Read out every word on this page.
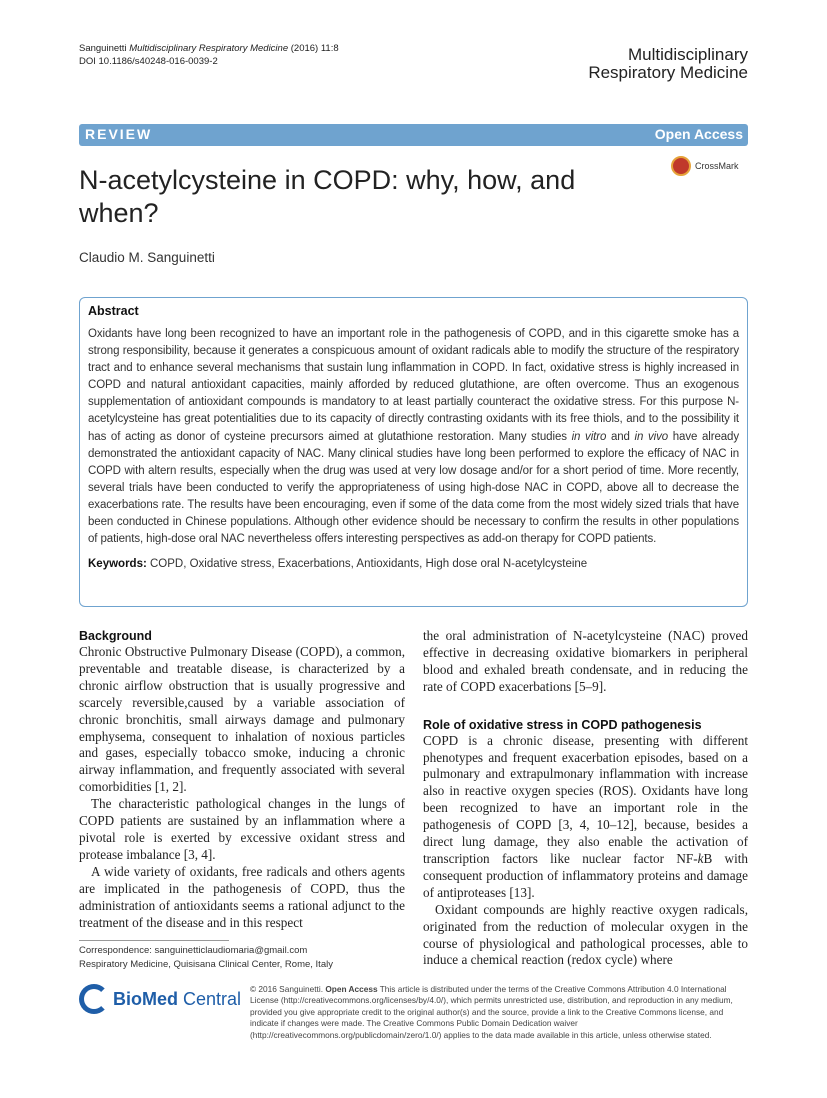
Sanguinetti Multidisciplinary Respiratory Medicine (2016) 11:8
DOI 10.1186/s40248-016-0039-2	Multidisciplinary
Respiratory Medicine
REVIEW	Open Access
CrossMark
N-acetylcysteine in COPD: why, how, and when?
Claudio M. Sanguinetti
Abstract

Oxidants have long been recognized to have an important role in the pathogenesis of COPD, and in this cigarette smoke has a strong responsibility, because it generates a conspicuous amount of oxidant radicals able to modify the structure of the respiratory tract and to enhance several mechanisms that sustain lung inflammation in COPD. In fact, oxidative stress is highly increased in COPD and natural antioxidant capacities, mainly afforded by reduced glutathione, are often overcome. Thus an exogenous supplementation of antioxidant compounds is mandatory to at least partially counteract the oxidative stress. For this purpose N-acetylcysteine has great potentialities due to its capacity of directly contrasting oxidants with its free thiols, and to the possibility it has of acting as donor of cysteine precursors aimed at glutathione restoration. Many studies in vitro and in vivo have already demonstrated the antioxidant capacity of NAC. Many clinical studies have long been performed to explore the efficacy of NAC in COPD with altern results, especially when the drug was used at very low dosage and/or for a short period of time. More recently, several trials have been conducted to verify the appropriateness of using high-dose NAC in COPD, above all to decrease the exacerbations rate. The results have been encouraging, even if some of the data come from the most widely sized trials that have been conducted in Chinese populations. Although other evidence should be necessary to confirm the results in other populations of patients, high-dose oral NAC nevertheless offers interesting perspectives as add-on therapy for COPD patients.

Keywords: COPD, Oxidative stress, Exacerbations, Antioxidants, High dose oral N-acetylcysteine
Background

Chronic Obstructive Pulmonary Disease (COPD), a common, preventable and treatable disease, is characterized by a chronic airflow obstruction that is usually progressive and scarcely reversible,caused by a variable association of chronic bronchitis, small airways damage and pulmonary emphysema, consequent to inhalation of noxious particles and gases, especially tobacco smoke, inducing a chronic airway inflammation, and frequently associated with several comorbidities [1, 2].

The characteristic pathological changes in the lungs of COPD patients are sustained by an inflammation where a pivotal role is exerted by excessive oxidant stress and protease imbalance [3, 4].

A wide variety of oxidants, free radicals and others agents are implicated in the pathogenesis of COPD, thus the administration of antioxidants seems a rational adjunct to the treatment of the disease and in this respect

the oral administration of N-acetylcysteine (NAC) proved effective in decreasing oxidative biomarkers in peripheral blood and exhaled breath condensate, and in reducing the rate of COPD exacerbations [5–9].

Role of oxidative stress in COPD pathogenesis

COPD is a chronic disease, presenting with different phenotypes and frequent exacerbation episodes, based on a pulmonary and extrapulmonary inflammation with increase also in reactive oxygen species (ROS). Oxidants have long been recognized to have an important role in the pathogenesis of COPD [3, 4, 10–12], because, besides a direct lung damage, they also enable the activation of transcription factors like nuclear factor NF-kB with consequent production of inflammatory proteins and damage of antiproteases [13].

Oxidant compounds are highly reactive oxygen radicals, originated from the reduction of molecular oxygen in the course of physiological and pathological processes, able to induce a chemical reaction (redox cycle) where

Correspondence: sanguinetticlaudiomaria@gmail.com
Respiratory Medicine, Quisisana Clinical Center, Rome, Italy
BioMed Central © 2016 Sanguinetti. Open Access This article is distributed under the terms of the Creative Commons Attribution 4.0 International License (http://creativecommons.org/licenses/by/4.0/), which permits unrestricted use, distribution, and reproduction in any medium, provided you give appropriate credit to the original author(s) and the source, provide a link to the Creative Commons license, and indicate if changes were made. The Creative Commons Public Domain Dedication waiver (http://creativecommons.org/publicdomain/zero/1.0/) applies to the data made available in this article, unless otherwise stated.
